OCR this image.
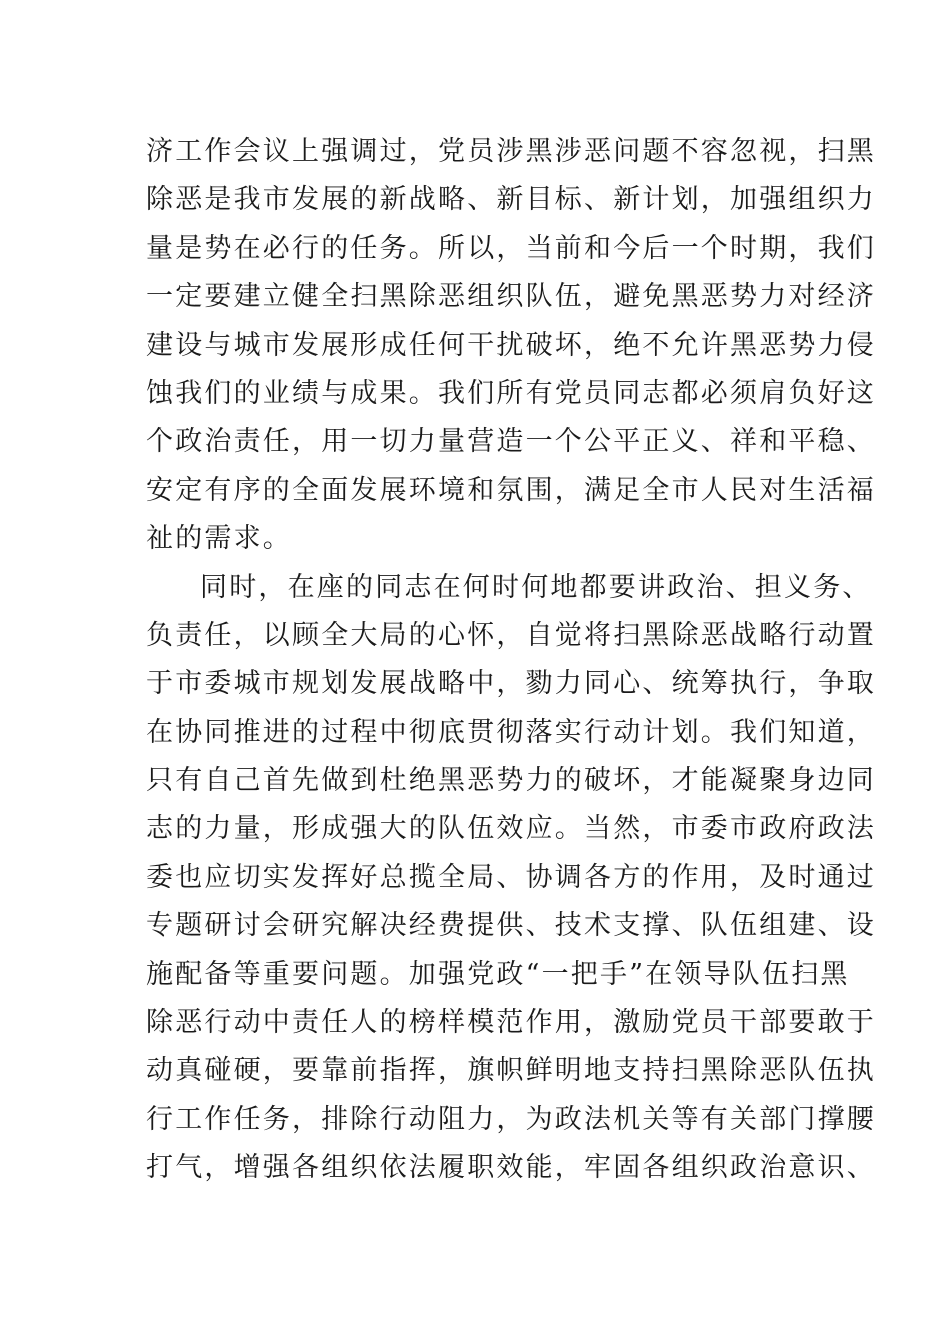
济工作会议上强调过，党员涉黑涉恶问题不容忽视，扫黑
除恶是我市发展的新战略、新目标、新计划，加强组织力
量是势在必行的任务。所以，当前和今后一个时期，我们
一定要建立健全扫黑除恶组织队伍，避免黑恶势力对经济
建设与城市发展形成任何干扰破坏，绝不允许黑恶势力侵
蚀我们的业绩与成果。我们所有党员同志都必须肩负好这
个政治责任，用一切力量营造一个公平正义、祥和平稳、
安定有序的全面发展环境和氛围，满足全市人民对生活福
祉的需求。
同时，在座的同志在何时何地都要讲政治、担义务、
负责任，以顾全大局的心怀，自觉将扫黑除恶战略行动置
于市委城市规划发展战略中，勠力同心、统筹执行，争取
在协同推进的过程中彻底贯彻落实行动计划。我们知道，
只有自己首先做到杜绝黑恶势力的破坏，才能凝聚身边同
志的力量，形成强大的队伍效应。当然，市委市政府政法
委也应切实发挥好总揽全局、协调各方的作用，及时通过
专题研讨会研究解决经费提供、技术支撑、队伍组建、设
施配备等重要问题。加强党政“一把手”在领导队伍扫黑
除恶行动中责任人的榜样模范作用，激励党员干部要敢于
动真碰硬，要靠前指挥，旗帜鲜明地支持扫黑除恶队伍执
行工作任务，排除行动阻力，为政法机关等有关部门撑腰
打气，增强各组织依法履职效能，牢固各组织政治意识、
